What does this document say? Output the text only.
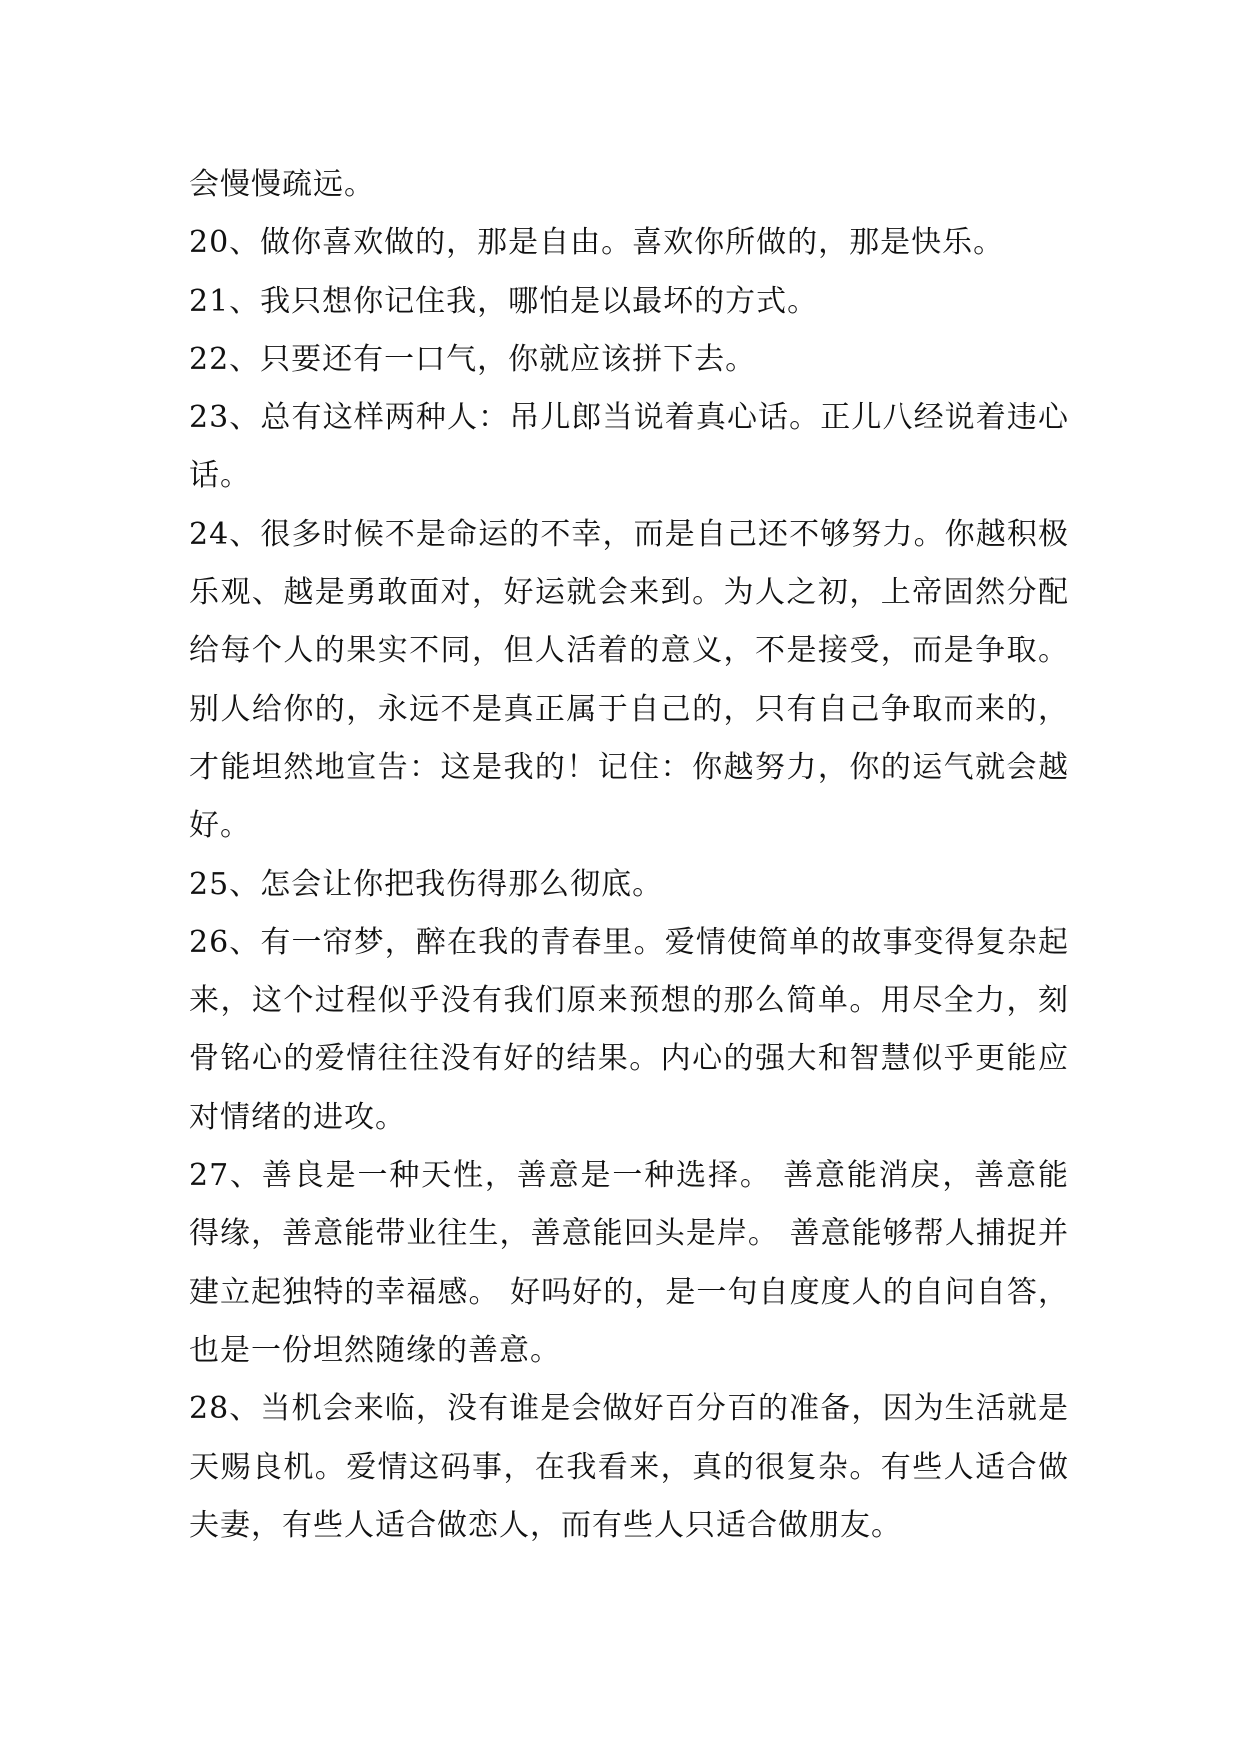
会慢慢疏远。

20、做你喜欢做的，那是自由。喜欢你所做的，那是快乐。

21、我只想你记住我，哪怕是以最坏的方式。

22、只要还有一口气，你就应该拼下去。

23、总有这样两种人：吊儿郎当说着真心话。正儿八经说着违心话。

24、很多时候不是命运的不幸，而是自己还不够努力。你越积极乐观、越是勇敢面对，好运就会来到。为人之初，上帝固然分配给每个人的果实不同，但人活着的意义，不是接受，而是争取。别人给你的，永远不是真正属于自己的，只有自己争取而来的，才能坦然地宣告：这是我的！记住：你越努力，你的运气就会越好。

25、怎会让你把我伤得那么彻底。

26、有一帘梦，醉在我的青春里。爱情使简单的故事变得复杂起来，这个过程似乎没有我们原来预想的那么简单。用尽全力，刻骨铭心的爱情往往没有好的结果。内心的强大和智慧似乎更能应对情绪的进攻。

27、善良是一种天性，善意是一种选择。 善意能消戾，善意能得缘，善意能带业往生，善意能回头是岸。 善意能够帮人捕捉并建立起独特的幸福感。 好吗好的，是一句自度度人的自问自答，也是一份坦然随缘的善意。

28、当机会来临，没有谁是会做好百分百的准备，因为生活就是天赐良机。爱情这码事，在我看来，真的很复杂。有些人适合做夫妻，有些人适合做恋人，而有些人只适合做朋友。
